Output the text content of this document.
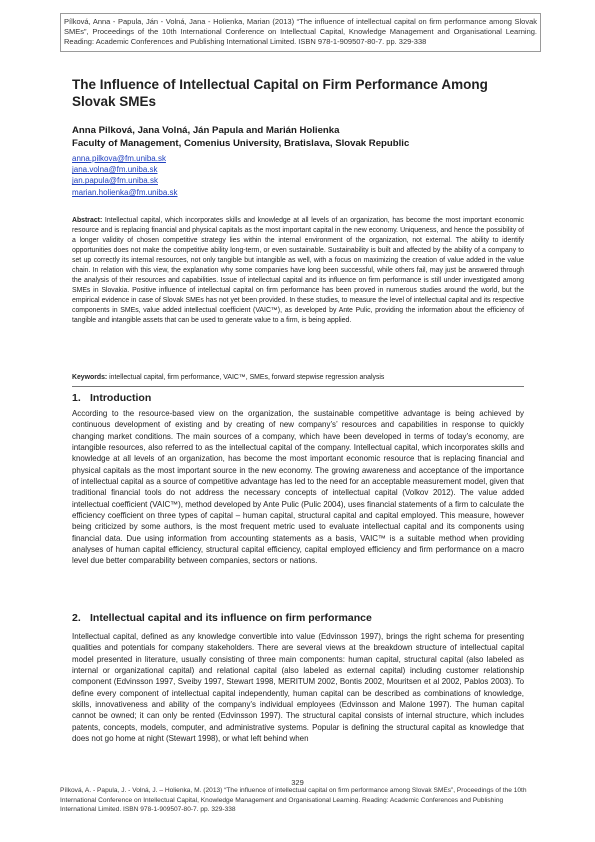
Pílková, Anna - Papula, Ján - Volná, Jana - Holienka, Marian (2013) “The influence of intellectual capital on firm performance among Slovak SMEs”, Proceedings of the 10th International Conference on Intellectual Capital, Knowledge Management and Organisational Learning. Reading: Academic Conferences and Publishing International Limited. ISBN 978-1-909507-80-7. pp. 329-338
The Influence of Intellectual Capital on Firm Performance Among Slovak SMEs
Anna Pilková, Jana Volná, Ján Papula and Marián Holienka
Faculty of Management, Comenius University, Bratislava, Slovak Republic
anna.pilkova@fm.uniba.sk
jana.volna@fm.uniba.sk
jan.papula@fm.uniba.sk
marian.holienka@fm.uniba.sk
Abstract: Intellectual capital, which incorporates skills and knowledge at all levels of an organization, has become the most important economic resource and is replacing financial and physical capitals as the most important capital in the new economy. Uniqueness, and hence the possibility of a longer validity of chosen competitive strategy lies within the internal environment of the organization, not external. The ability to identify opportunities does not make the competitive ability long-term, or even sustainable. Sustainability is built and affected by the ability of a company to set up correctly its internal resources, not only tangible but intangible as well, with a focus on maximizing the creation of value added in the value chain. In relation with this view, the explanation why some companies have long been successful, while others fail, may just be answered through the analysis of their resources and capabilities. Issue of intellectual capital and its influence on firm performance is still under investigated among SMEs in Slovakia. Positive influence of intellectual capital on firm performance has been proved in numerous studies around the world, but the empirical evidence in case of Slovak SMEs has not yet been provided. In these studies, to measure the level of intellectual capital and its respective components in SMEs, value added intellectual coefficient (VAIC™), as developed by Ante Pulic, providing the information about the efficiency of tangible and intangible assets that can be used to generate value to a firm, is being applied.
Keywords: intellectual capital, firm performance, VAIC™, SMEs, forward stepwise regression analysis
1. Introduction
According to the resource-based view on the organization, the sustainable competitive advantage is being achieved by continuous development of existing and by creating of new company’s’ resources and capabilities in response to quickly changing market conditions. The main sources of a company, which have been developed in terms of today’s economy, are intangible resources, also referred to as the intellectual capital of the company. Intellectual capital, which incorporates skills and knowledge at all levels of an organization, has become the most important economic resource that is replacing financial and physical capitals as the most important source in the new economy. The growing awareness and acceptance of the importance of intellectual capital as a source of competitive advantage has led to the need for an acceptable measurement model, given that traditional financial tools do not address the necessary concepts of intellectual capital (Volkov 2012). The value added intellectual coefficient (VAIC™), method developed by Ante Pulic (Pulic 2004), uses financial statements of a firm to calculate the efficiency coefficient on three types of capital – human capital, structural capital and capital employed. This measure, however being criticized by some authors, is the most frequent metric used to evaluate intellectual capital and its components using financial data. Due using information from accounting statements as a basis, VAIC™ is a suitable method when providing analyses of human capital efficiency, structural capital efficiency, capital employed efficiency and firm performance on a macro level due better comparability between companies, sectors or nations.
2. Intellectual capital and its influence on firm performance
Intellectual capital, defined as any knowledge convertible into value (Edvinsson 1997), brings the right schema for presenting qualities and potentials for company stakeholders. There are several views at the breakdown structure of intellectual capital model presented in literature, usually consisting of three main components: human capital, structural capital (also labeled as internal or organizational capital) and relational capital (also labeled as external capital) including customer relationship component (Edvinsson 1997, Sveiby 1997, Stewart 1998, MERITUM 2002, Bontis 2002, Mouritsen et al 2002, Pablos 2003). To define every component of intellectual capital independently, human capital can be described as combinations of knowledge, skills, innovativeness and ability of the company’s individual employees (Edvinsson and Malone 1997). The human capital cannot be owned; it can only be rented (Edvinsson 1997). The structural capital consists of internal structure, which includes patents, concepts, models, computer, and administrative systems. Popular is defining the structural capital as knowledge that does not go home at night (Stewart 1998), or what left behind when
329
Pílková, A. - Papula, J. - Volná, J. – Holienka, M. (2013) “The influence of intellectual capital on firm performance among Slovak SMEs”, Proceedings of the 10th International Conference on Intellectual Capital, Knowledge Management and Organisational Learning. Reading: Academic Conferences and Publishing International Limited. ISBN 978-1-909507-80-7. pp. 329-338
